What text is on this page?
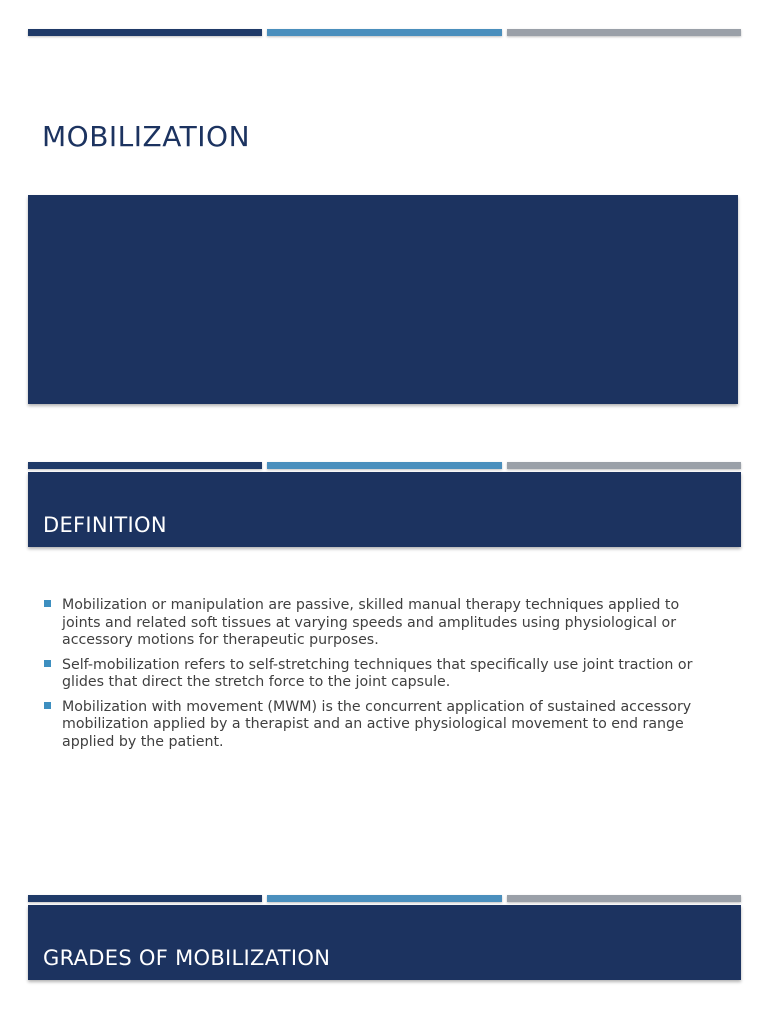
MOBILIZATION
DEFINITION
Mobilization or manipulation are passive, skilled manual therapy techniques applied to joints and related soft tissues at varying speeds and amplitudes using physiological or accessory motions for therapeutic purposes.
Self-mobilization refers to self-stretching techniques that specifically use joint traction or glides that direct the stretch force to the joint capsule.
Mobilization with movement (MWM) is the concurrent application of sustained accessory mobilization applied by a therapist and an active physiological movement to end range applied by the patient.
GRADES OF MOBILIZATION
